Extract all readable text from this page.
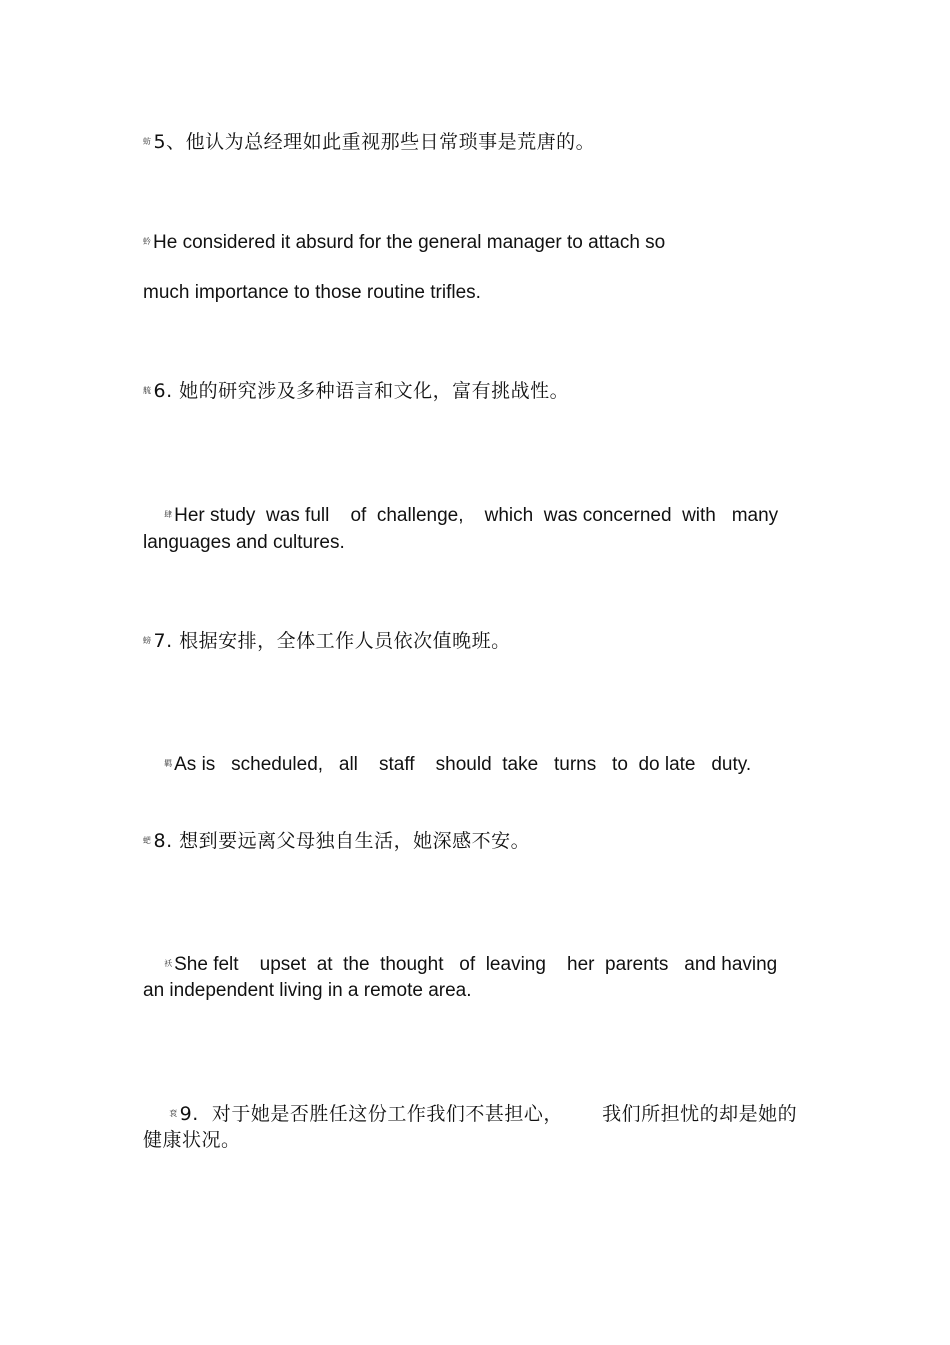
蚄 5、他认为总经理如此重视那些日常琐事是荒唐的。
蚙 He considered it absurd for the general manager to attach so
much importance to those routine trifles.
艈 6. 她的研究涉及多种语言和文化，富有挑战性。

肆 Her study  was full    of  challenge,    which  was concerned  with   many

languages and cultures.
螃 7. 根据安排，全体工作人员依次值晚班。

羁 As is   scheduled,   all    staff    should  take   turns   to  do late   duty.

蚆 8. 想到要远离父母独自生活，她深感不安。

袄 She felt    upset  at  the  thought   of  leaving    her  parents   and having

an independent living in a remote area.

袞 9.  对于她是否胜任这份工作我们不甚担心，      我们所担忧的却是她的

健康状况。
